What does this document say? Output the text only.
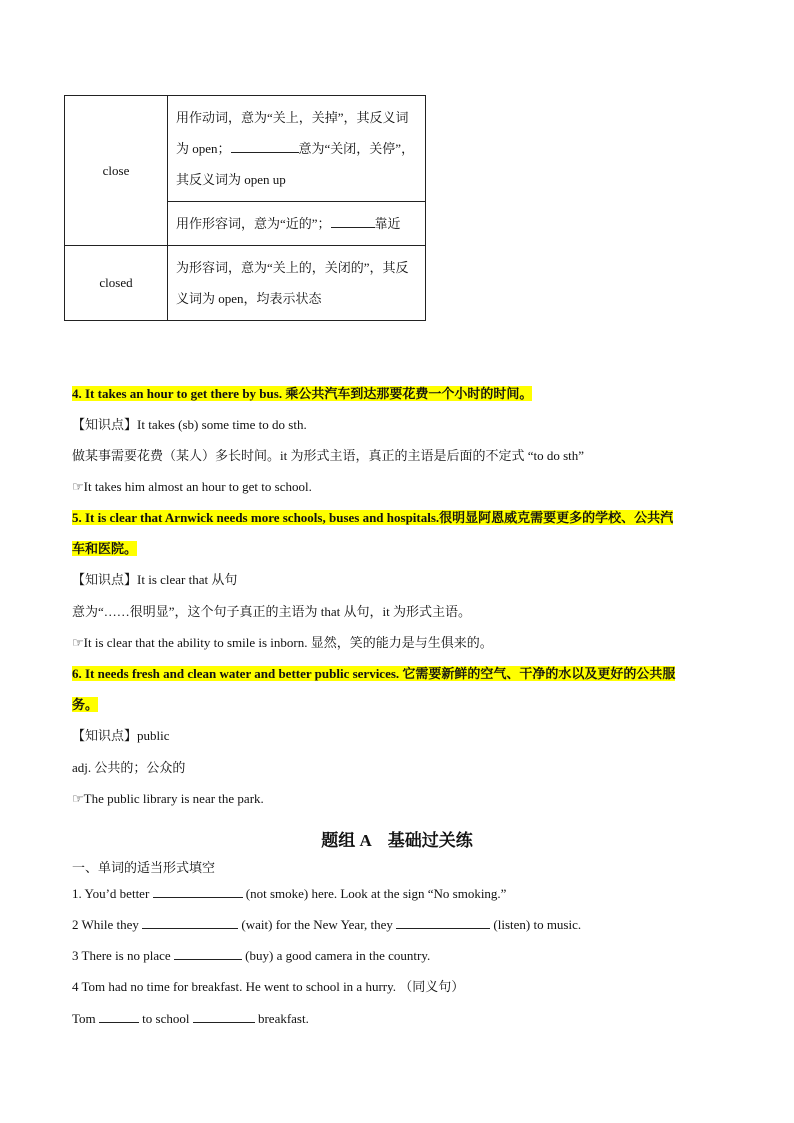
close	用作动词，意为“关上，关掉”，其反义词为 open； 意为“关闭，关停”，其反义词为 open up
	用作形容词，意为“近的”； 靠近
closed	为形容词，意为“关上的，关闭的”，其反义词为 open，均表示状态
4. It takes an hour to get there by bus. 乘公共汽车到达那要花费一个小时的时间。
【知识点】It takes (sb) some time to do sth.
做某事需要花费（某人）多长时间。it 为形式主语，真正的主语是后面的不定式 “to do sth”
☞It takes him almost an hour to get to school.
5. It is clear that Arnwick needs more schools, buses and hospitals.很明显阿恩威克需要更多的学校、公共汽
车和医院。
【知识点】It is clear that 从句
意为“……很明显”，这个句子真正的主语为 that 从句，it 为形式主语。
☞It is clear that the ability to smile is inborn. 显然，笑的能力是与生俱来的。
6. It needs fresh and clean water and better public services. 它需要新鲜的空气、干净的水以及更好的公共服
务。
【知识点】public
adj. 公共的；公众的
☞The public library is near the park.
题组 A 基础过关练
一、单词的适当形式填空
1. You’d better	(not smoke) here. Look at the sign “No smoking.”
2 While they	(wait) for the New Year, they	(listen) to music.
3 There is no place	(buy) a good camera in the country.
4 Tom had no time for breakfast. He went to school in a hurry. （同义句）
Tom	to school	breakfast.
